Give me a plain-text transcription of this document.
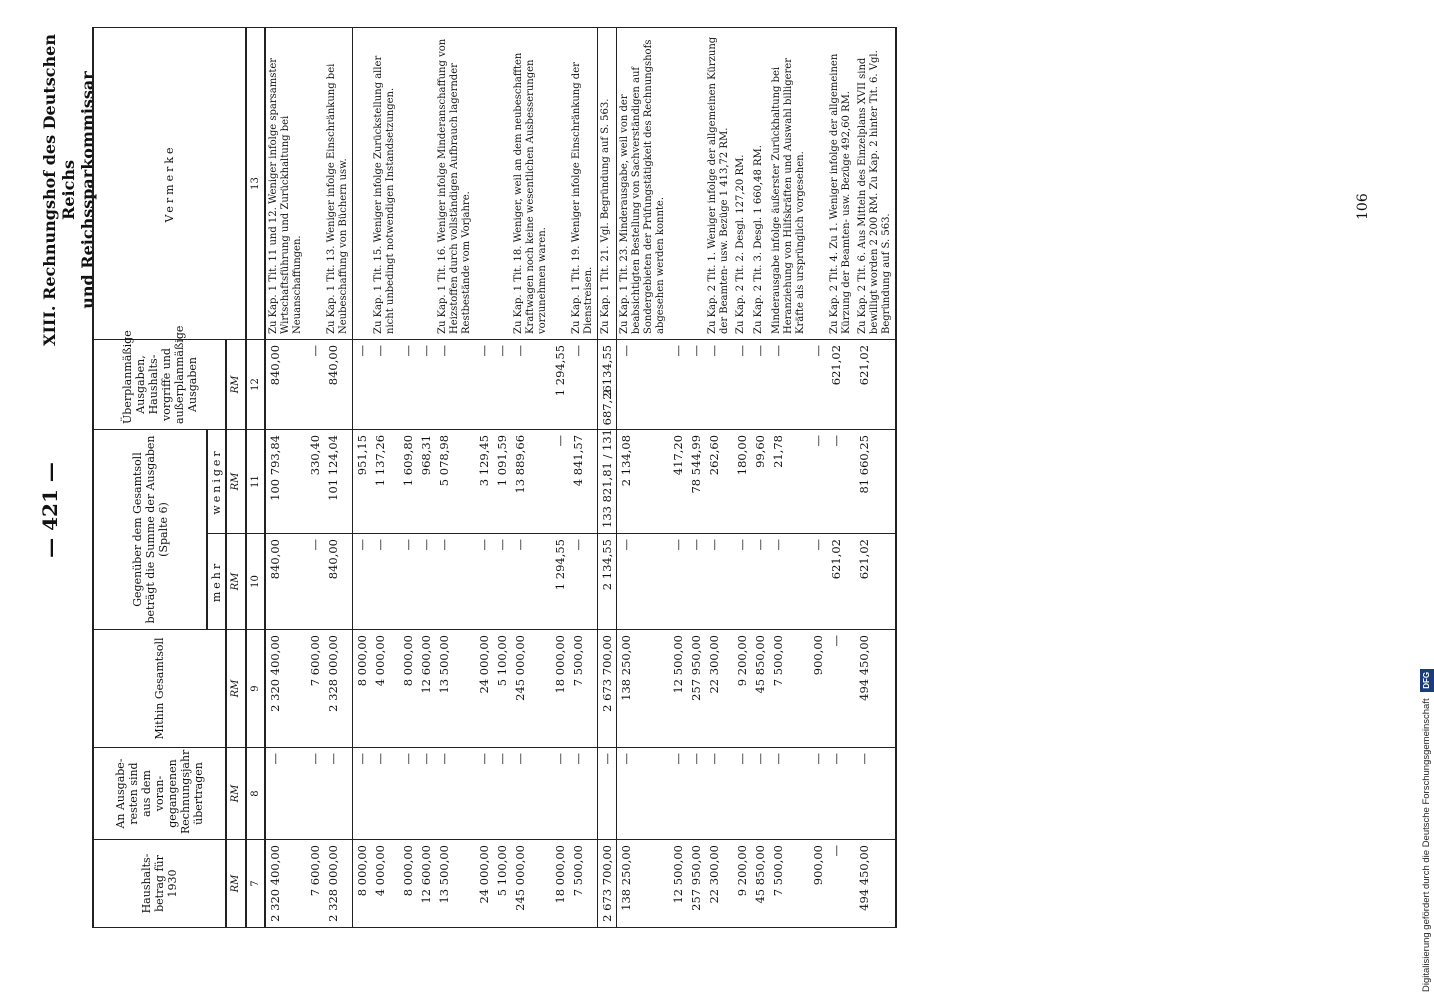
— 421 —
XIII. Rechnungshof des Deutschen Reichs und Reichssparkommissar
Haushalts-betrag für 1930	An Ausgabe-resten sind aus dem voran-gegangenen Rechnungsjahr übertragen	Mithin Gesamtsoll	Gegenüber dem Gesamtsoll beträgt die Summe der Ausgaben (Spalte 6)		Überplanmäßige Ausgaben, Haushalts-vorgriffe und außerplanmäßige Ausgaben	Vermerke
			mehr	weniger		
RM	RM	RM	RM	RM	RM	
7	8	9	10	11	12	13
2 320 400,00	—	2 320 400,00	840,00	100 793,84	840,00	Zu Kap. 1 Tit. 11 und 12. Weniger infolge sparsamster Wirtschaftsführung und Zurückhaltung bei Neuanschaffungen.
7 600,00	—	7 600,00	—	330,40	—	
2 328 000,00	—	2 328 000,00	840,00	101 124,04	840,00	Zu Kap. 1 Tit. 13. Weniger infolge Einschränkung bei Neubeschaffung von Büchern usw.
8 000,00	—	8 000,00	—	951,15	—	
4 000,00	—	4 000,00	—	1 137,26	—	Zu Kap. 1 Tit. 15. Weniger infolge Zurückstellung aller nicht unbedingt notwendigen Instandsetzungen.
8 000,00	—	8 000,00	—	1 609,80	—	
12 600,00	—	12 600,00	—	968,31	—	
13 500,00	—	13 500,00	—	5 078,98	—	Zu Kap. 1 Tit. 16. Weniger infolge Minderanschaffung von Heizstoffen durch vollständigen Aufbrauch lagernder Restbestände vom Vorjahre.
24 000,00	—	24 000,00	—	3 129,45	—	
5 100,00	—	5 100,00	—	1 091,59	—	
245 000,00	—	245 000,00	—	13 889,66	—	Zu Kap. 1 Tit. 18. Weniger, weil an dem neubeschafften Kraftwagen noch keine wesentlichen Ausbesserungen vorzunehmen waren.
18 000,00	—	18 000,00	1 294,55	—	1 294,55	
7 500,00	—	7 500,00	—	4 841,57	—	Zu Kap. 1 Tit. 19. Weniger infolge Einschränkung der Dienstreisen.
2 673 700,00	—	2 673 700,00	2 134,55	133 821,81 / 131 687,26	2 134,55	Zu Kap. 1 Tit. 21. Vgl. Begründung auf S. 563.
138 250,00	—	138 250,00	—	2 134,08	—	Zu Kap. 1 Tit. 23. Minderausgabe, weil von der beabsichtigten Bestellung von Sachverständigen auf Sondergebieten der Prüfungstätigkeit des Rechnungshofs abgesehen werden konnte.
12 500,00	—	12 500,00	—	417,20	—	
257 950,00	—	257 950,00	—	78 544,99	—	
22 300,00	—	22 300,00	—	262,60	—	Zu Kap. 2 Tit. 1. Weniger infolge der allgemeinen Kürzung der Beamten- usw. Bezüge 1 413,72 RM.
9 200,00	—	9 200,00	—	180,00	—	Zu Kap. 2 Tit. 2. Desgl. 127,20 RM.
45 850,00	—	45 850,00	—	99,60	—	Zu Kap. 2 Tit. 3. Desgl. 1 660,48 RM.
7 500,00	—	7 500,00	—	21,78	—	Minderausgabe infolge äußerster Zurückhaltung bei Heranziehung von Hilfskräften und Auswahl billigerer Kräfte als ursprünglich vorgesehen.
900,00	—	900,00	—	—	—	
—	—	—	621,02	—	621,02	Zu Kap. 2 Tit. 4. Zu 1. Weniger infolge der allgemeinen Kürzung der Beamten- usw. Bezüge 492,60 RM.
494 450,00	—	494 450,00	621,02	81 660,25	621,02	Zu Kap. 2 Tit. 6. Aus Mitteln des Einzelplans XVII sind bewilligt worden 2 200 RM. Zu Kap. 2 hinter Tit. 6. Vgl. Begründung auf S. 563.
106
Digitalisierung gefördert durch die Deutsche Forschungsgemeinschaft DFG
